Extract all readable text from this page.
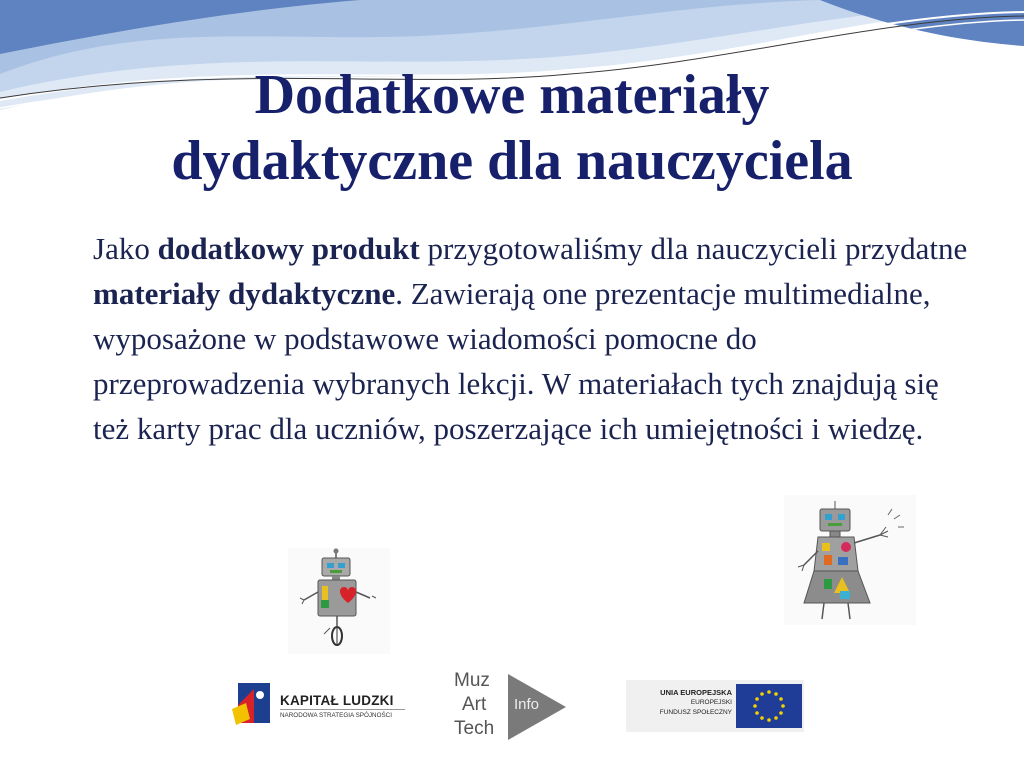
Dodatkowe materiały
dydaktyczne dla nauczyciela

Jako dodatkowy produkt przygotowaliśmy dla nauczycieli przydatne materiały dydaktyczne. Zawierają one prezentacje multimedialne, wyposażone w podstawowe wiadomości pomocne do przeprowadzenia wybranych lekcji. W materiałach tych znajdują się też karty prac dla uczniów, poszerzające ich umiejętności i wiedzę.

KAPITAŁ LUDZKI
NARODOWA STRATEGIA SPÓJNOŚCI
Muz
Art
Tech
Info
UNIA EUROPEJSKA
EUROPEJSKI
FUNDUSZ SPOŁECZNY
